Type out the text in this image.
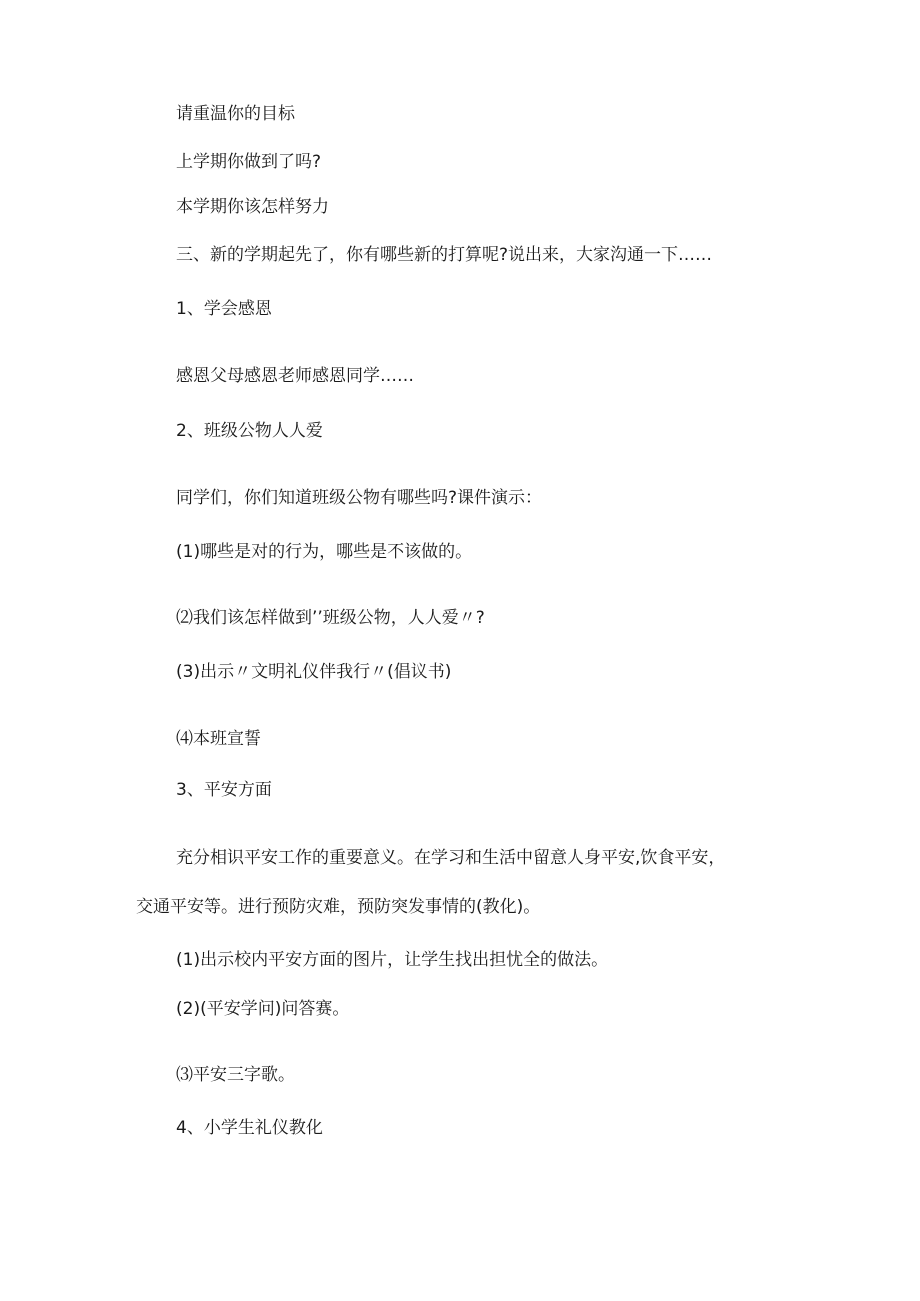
请重温你的目标
上学期你做到了吗?
本学期你该怎样努力
三、新的学期起先了，你有哪些新的打算呢?说出来，大家沟通一下……
1、学会感恩
感恩父母感恩老师感恩同学……
2、班级公物人人爱
同学们，你们知道班级公物有哪些吗?课件演示：
(1)哪些是对的行为，哪些是不该做的。
⑵我们该怎样做到’’班级公物，人人爱〃?
(3)出示〃文明礼仪伴我行〃(倡议书)
⑷本班宣誓
3、平安方面
充分相识平安工作的重要意义。在学习和生活中留意人身平安,饮食平安，
交通平安等。进行预防灾难，预防突发事情的(教化)。
(1)出示校内平安方面的图片，让学生找出担忧全的做法。
(2)(平安学问)问答赛。
⑶平安三字歌。
4、小学生礼仪教化
